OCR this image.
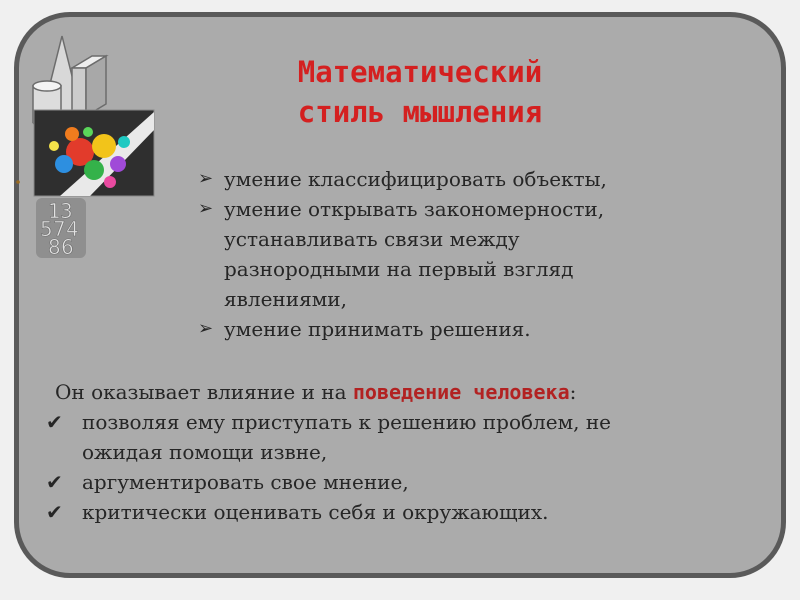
1 3
5 7 4
8 6
Математический
стиль мышления
➢ умение классифицировать объекты,
➢ умение открывать закономерности,
устанавливать связи между
разнородными на первый взгляд
явлениями,
➢ умение принимать решения.

Он оказывает влияние и на поведение человека:

✔ позволяя ему приступать к решению проблем, не
ожидая помощи извне,
✔ аргументировать свое мнение,
✔ критически оценивать себя и окружающих.
